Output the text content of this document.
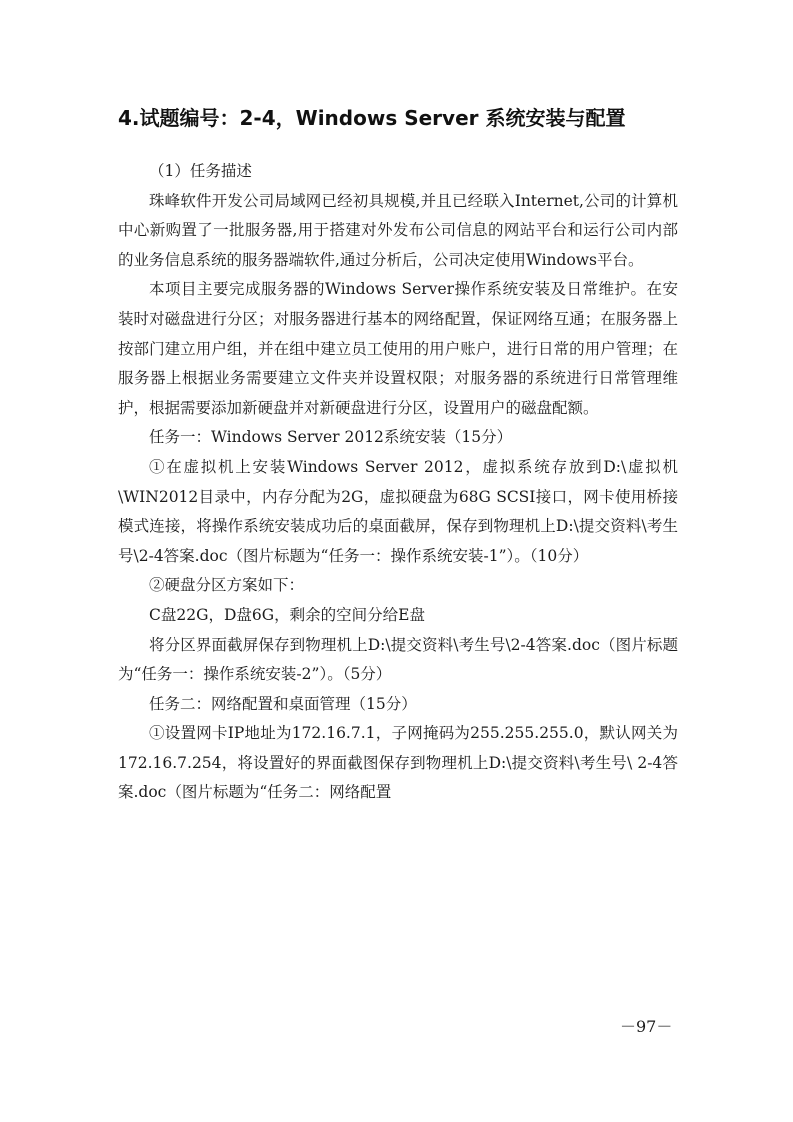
4.试题编号：2-4，Windows Server 系统安装与配置

（1）任务描述

珠峰软件开发公司局域网已经初具规模,并且已经联入Internet,公司的计算机中心新购置了一批服务器,用于搭建对外发布公司信息的网站平台和运行公司内部的业务信息系统的服务器端软件,通过分析后，公司决定使用Windows平台。

本项目主要完成服务器的Windows Server操作系统安装及日常维护。在安装时对磁盘进行分区；对服务器进行基本的网络配置，保证网络互通；在服务器上按部门建立用户组，并在组中建立员工使用的用户账户，进行日常的用户管理；在服务器上根据业务需要建立文件夹并设置权限；对服务器的系统进行日常管理维护，根据需要添加新硬盘并对新硬盘进行分区，设置用户的磁盘配额。

任务一：Windows Server 2012系统安装（15分）

①在虚拟机上安装Windows Server 2012，虚拟系统存放到D:\虚拟机\WIN2012目录中，内存分配为2G，虚拟硬盘为68G SCSI接口，网卡使用桥接模式连接，将操作系统安装成功后的桌面截屏，保存到物理机上D:\提交资料\考生号\2-4答案.doc（图片标题为“任务一：操作系统安装-1”）。（10分）

②硬盘分区方案如下：

C盘22G，D盘6G，剩余的空间分给E盘

将分区界面截屏保存到物理机上D:\提交资料\考生号\2-4答案.doc（图片标题为“任务一：操作系统安装-2”）。（5分）

任务二：网络配置和桌面管理（15分）

①设置网卡IP地址为172.16.7.1，子网掩码为255.255.255.0，默认网关为172.16.7.254，将设置好的界面截图保存到物理机上D:\提交资料\考生号\ 2-4答案.doc（图片标题为“任务二：网络配置

－97－
